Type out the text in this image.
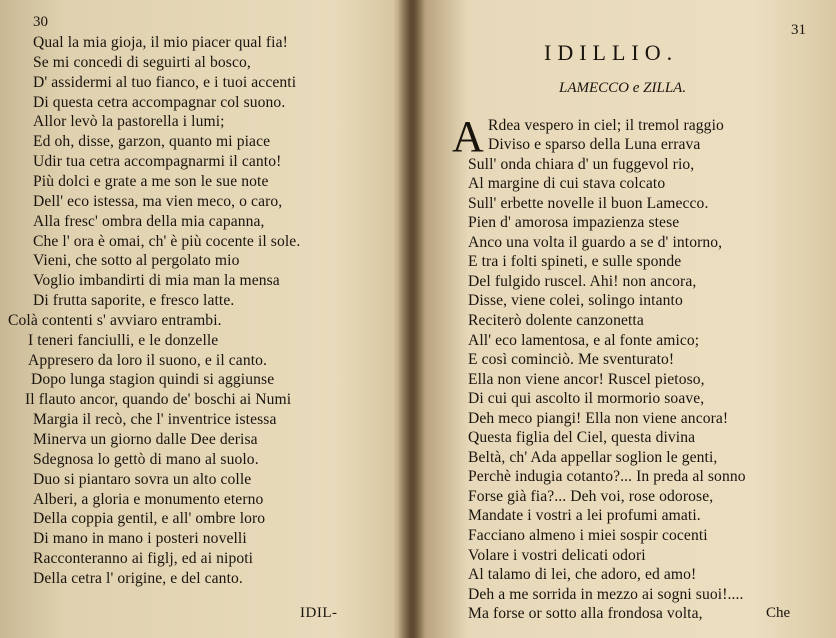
30
Qual la mia gioja, il mio piacer qual fia!
Se mi concedi di seguirti al bosco,
D' assidermi al tuo fianco, e i tuoi accenti
Di questa cetra accompagnar col suono.
Allor levò la pastorella i lumi;
Ed oh, disse, garzon, quanto mi piace
Udir tua cetra accompagnarmi il canto!
Più dolci e grate a me son le sue note
Dell' eco istessa, ma vien meco, o caro,
Alla fresc' ombra della mia capanna,
Che l' ora è omai, ch' è più cocente il sole.
Vieni, che sotto al pergolato mio
Voglio imbandirti di mia man la mensa
Di frutta saporite, e fresco latte.
Colà contenti s' avviaro entrambi.
I teneri fanciulli, e le donzelle
Appresero da loro il suono, e il canto.
Dopo lunga stagion quindi si aggiunse
Il flauto ancor, quando de' boschi ai Numi
Margia il recò, che l' inventrice istessa
Minerva un giorno dalle Dee derisa
Sdegnosa lo gettò di mano al suolo.
Duo si piantaro sovra un alto colle
Alberi, a gloria e monumento eterno
Della coppia gentil, e all' ombre loro
Di mano in mano i posteri novelli
Racconteranno ai figlj, ed ai nipoti
Della cetra l' origine, e del canto.
IDIL-
31
IDILLIO.
LAMECCO e ZILLA.
A Rdea vespero in ciel; il tremol raggio
Diviso e sparso della Luna errava
Sull' onda chiara d' un fuggevol rio,
Al margine di cui stava colcato
Sull' erbette novelle il buon Lamecco.
Pien d' amorosa impazienza stese
Anco una volta il guardo a se d' intorno,
E tra i folti spineti, e sulle sponde
Del fulgido ruscel. Ahi! non ancora,
Disse, viene colei, solingo intanto
Reciterò dolente canzonetta
All' eco lamentosa, e al fonte amico;
E così cominciò. Me sventurato!
Ella non viene ancor! Ruscel pietoso,
Di cui qui ascolto il mormorio soave,
Deh meco piangi! Ella non viene ancora!
Questa figlia del Ciel, questa divina
Beltà, ch' Ada appellar soglion le genti,
Perchè indugia cotanto?... In preda al sonno
Forse già fia?... Deh voi, rose odorose,
Mandate i vostri a lei profumi amati.
Facciano almeno i miei sospir cocenti
Volare i vostri delicati odori
Al talamo di lei, che adoro, ed amo!
Deh a me sorrida in mezzo ai sogni suoi!....
Ma forse or sotto alla frondosa volta,	Che
